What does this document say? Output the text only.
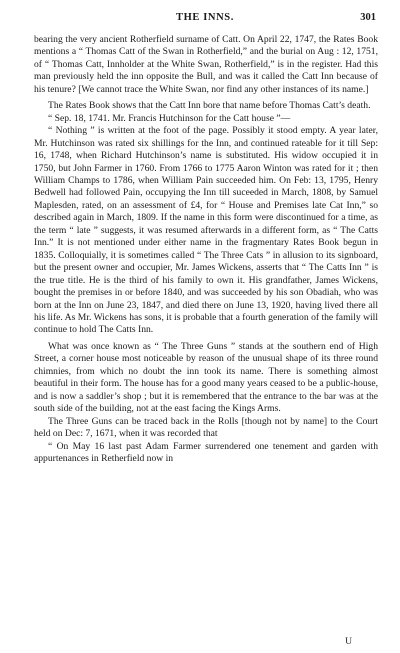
THE INNS.	301

bearing the very ancient Rotherfield surname of Catt. On April 22, 1747, the Rates Book mentions a “ Thomas Catt of the Swan in Rotherfield,” and the burial on Aug : 12, 1751, of “ Thomas Catt, Innholder at the White Swan, Rotherfield,” is in the register. Had this man previously held the inn opposite the Bull, and was it called the Catt Inn because of his tenure? [We cannot trace the White Swan, nor find any other instances of its name.]

The Rates Book shows that the Catt Inn bore that name before Thomas Catt’s death.

“ Sep. 18, 1741. Mr. Francis Hutchinson for the Catt house ”—

“ Nothing ” is written at the foot of the page. Possibly it stood empty. A year later, Mr. Hutchinson was rated six shillings for the Inn, and continued rateable for it till Sep: 16, 1748, when Richard Hutchinson’s name is substituted. His widow occupied it in 1750, but John Farmer in 1760. From 1766 to 1775 Aaron Winton was rated for it ; then William Champs to 1786, when William Pain succeeded him. On Feb: 13, 1795, Henry Bedwell had followed Pain, occupying the Inn till suceeded in March, 1808, by Samuel Maplesden, rated, on an assessment of £4, for “ House and Premises late Cat Inn,” so described again in March, 1809. If the name in this form were discontinued for a time, as the term “ late ” suggests, it was resumed afterwards in a different form, as “ The Catts Inn.” It is not mentioned under either name in the fragmentary Rates Book begun in 1835. Colloquially, it is sometimes called “ The Three Cats ” in allusion to its signboard, but the present owner and occupier, Mr. James Wickens, asserts that “ The Catts Inn ” is the true title. He is the third of his family to own it. His grandfather, James Wickens, bought the premises in or before 1840, and was succeeded by his son Obadiah, who was born at the Inn on June 23, 1847, and died there on June 13, 1920, having lived there all his life. As Mr. Wickens has sons, it is probable that a fourth generation of the family will continue to hold The Catts Inn.

What was once known as “ The Three Guns ” stands at the southern end of High Street, a corner house most noticeable by reason of the unusual shape of its three round chimnies, from which no doubt the inn took its name. There is something almost beautiful in their form. The house has for a good many years ceased to be a public-house, and is now a saddler’s shop ; but it is remembered that the entrance to the bar was at the south side of the building, not at the east facing the Kings Arms.

The Three Guns can be traced back in the Rolls [though not by name] to the Court held on Dec: 7, 1671, when it was recorded that

“ On May 16 last past Adam Farmer surrendered one tenement and garden with appurtenances in Retherfield now in

U
